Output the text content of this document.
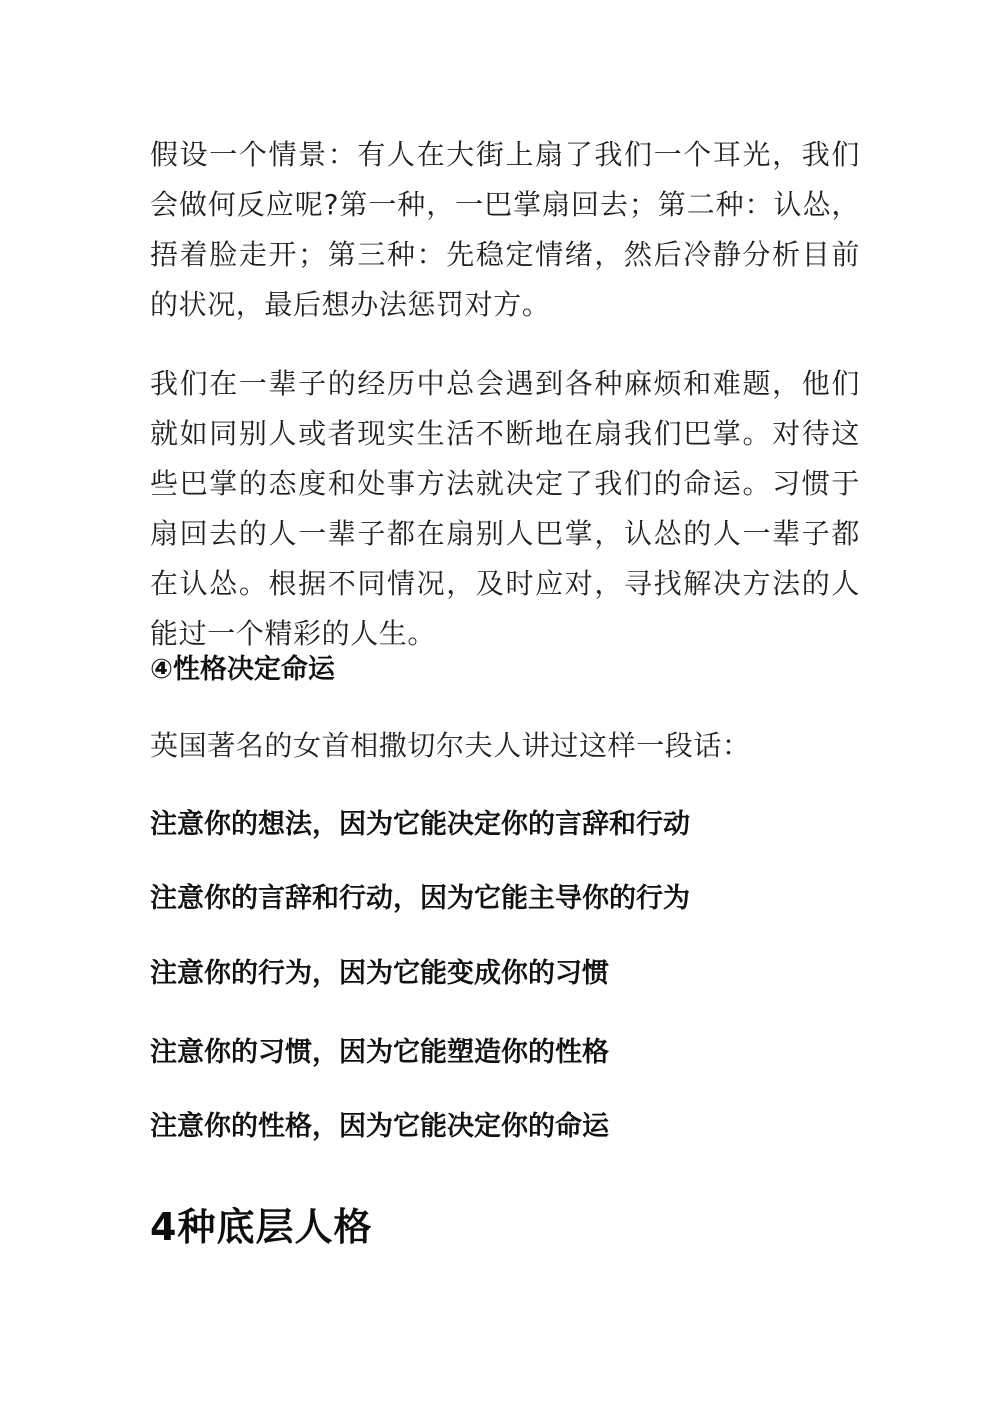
假设一个情景：有人在大街上扇了我们一个耳光，我们会做何反应呢?第一种，一巴掌扇回去；第二种：认怂，捂着脸走开；第三种：先稳定情绪，然后冷静分析目前的状况，最后想办法惩罚对方。

我们在一辈子的经历中总会遇到各种麻烦和难题，他们就如同别人或者现实生活不断地在扇我们巴掌。对待这些巴掌的态度和处事方法就决定了我们的命运。习惯于扇回去的人一辈子都在扇别人巴掌，认怂的人一辈子都在认怂。根据不同情况，及时应对，寻找解决方法的人能过一个精彩的人生。

④性格决定命运

英国著名的女首相撒切尔夫人讲过这样一段话：

注意你的想法，因为它能决定你的言辞和行动

注意你的言辞和行动，因为它能主导你的行为

注意你的行为，因为它能变成你的习惯

注意你的习惯，因为它能塑造你的性格

注意你的性格，因为它能决定你的命运

4种底层人格
